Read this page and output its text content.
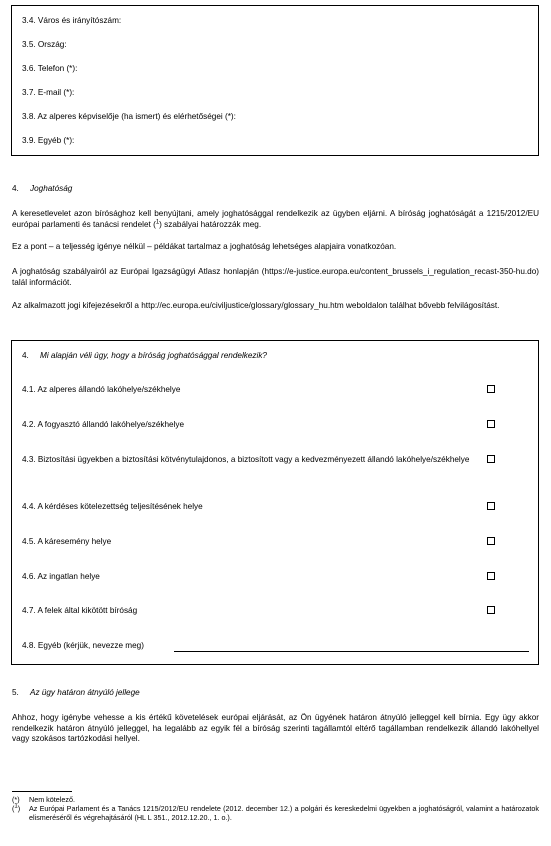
3.4. Város és irányítószám:
3.5. Ország:
3.6. Telefon (*):
3.7. E-mail (*):
3.8. Az alperes képviselője (ha ismert) és elérhetőségei (*):
3.9. Egyéb (*):
4. Joghatóság

A keresetlevelet azon bírósághoz kell benyújtani, amely joghatósággal rendelkezik az ügyben eljárni. A bíróság joghatóságát a 1215/2012/EU európai parlamenti és tanácsi rendelet ($^1$) szabályai határozzák meg.

Ez a pont – a teljesség igénye nélkül – példákat tartalmaz a joghatóság lehetséges alapjaira vonatkozóan.

A joghatóság szabályairól az Európai Igazságügyi Atlasz honlapján (https://e-justice.europa.eu/content_brussels_i_regulation_recast-350-hu.do) talál információt.

Az alkalmazott jogi kifejezésekről a http://ec.europa.eu/civiljustice/glossary/glossary_hu.htm weboldalon találhat bővebb felvilágosítást.

4. Mi alapján véli úgy, hogy a bíróság joghatósággal rendelkezik?
4.1. Az alperes állandó lakóhelye/székhelye
4.2. A fogyasztó állandó lakóhelye/székhelye
4.3. Biztosítási ügyekben a biztosítási kötvénytulajdonos, a biztosított vagy a kedvezményezett állandó lakóhelye/székhelye
4.4. A kérdéses kötelezettség teljesítésének helye
4.5. A káresemény helye
4.6. Az ingatlan helye
4.7. A felek által kikötött bíróság
4.8. Egyéb (kérjük, nevezze meg)
5. Az ügy határon átnyúló jellege

Ahhoz, hogy igénybe vehesse a kis értékű követelések európai eljárását, az Ön ügyének határon átnyúló jelleggel kell bírnia. Egy ügy akkor rendelkezik határon átnyúló jelleggel, ha legalább az egyik fél a bíróság szerinti tagállamtól eltérő tagállamban rendelkezik állandó lakóhellyel vagy szokásos tartózkodási hellyel.

(*) Nem kötelező.
($^1$) Az Európai Parlament és a Tanács 1215/2012/EU rendelete (2012. december 12.) a polgári és kereskedelmi ügyekben a joghatóságról, valamint a határozatok elismeréséről és végrehajtásáról (HL L 351., 2012.12.20., 1. o.).
